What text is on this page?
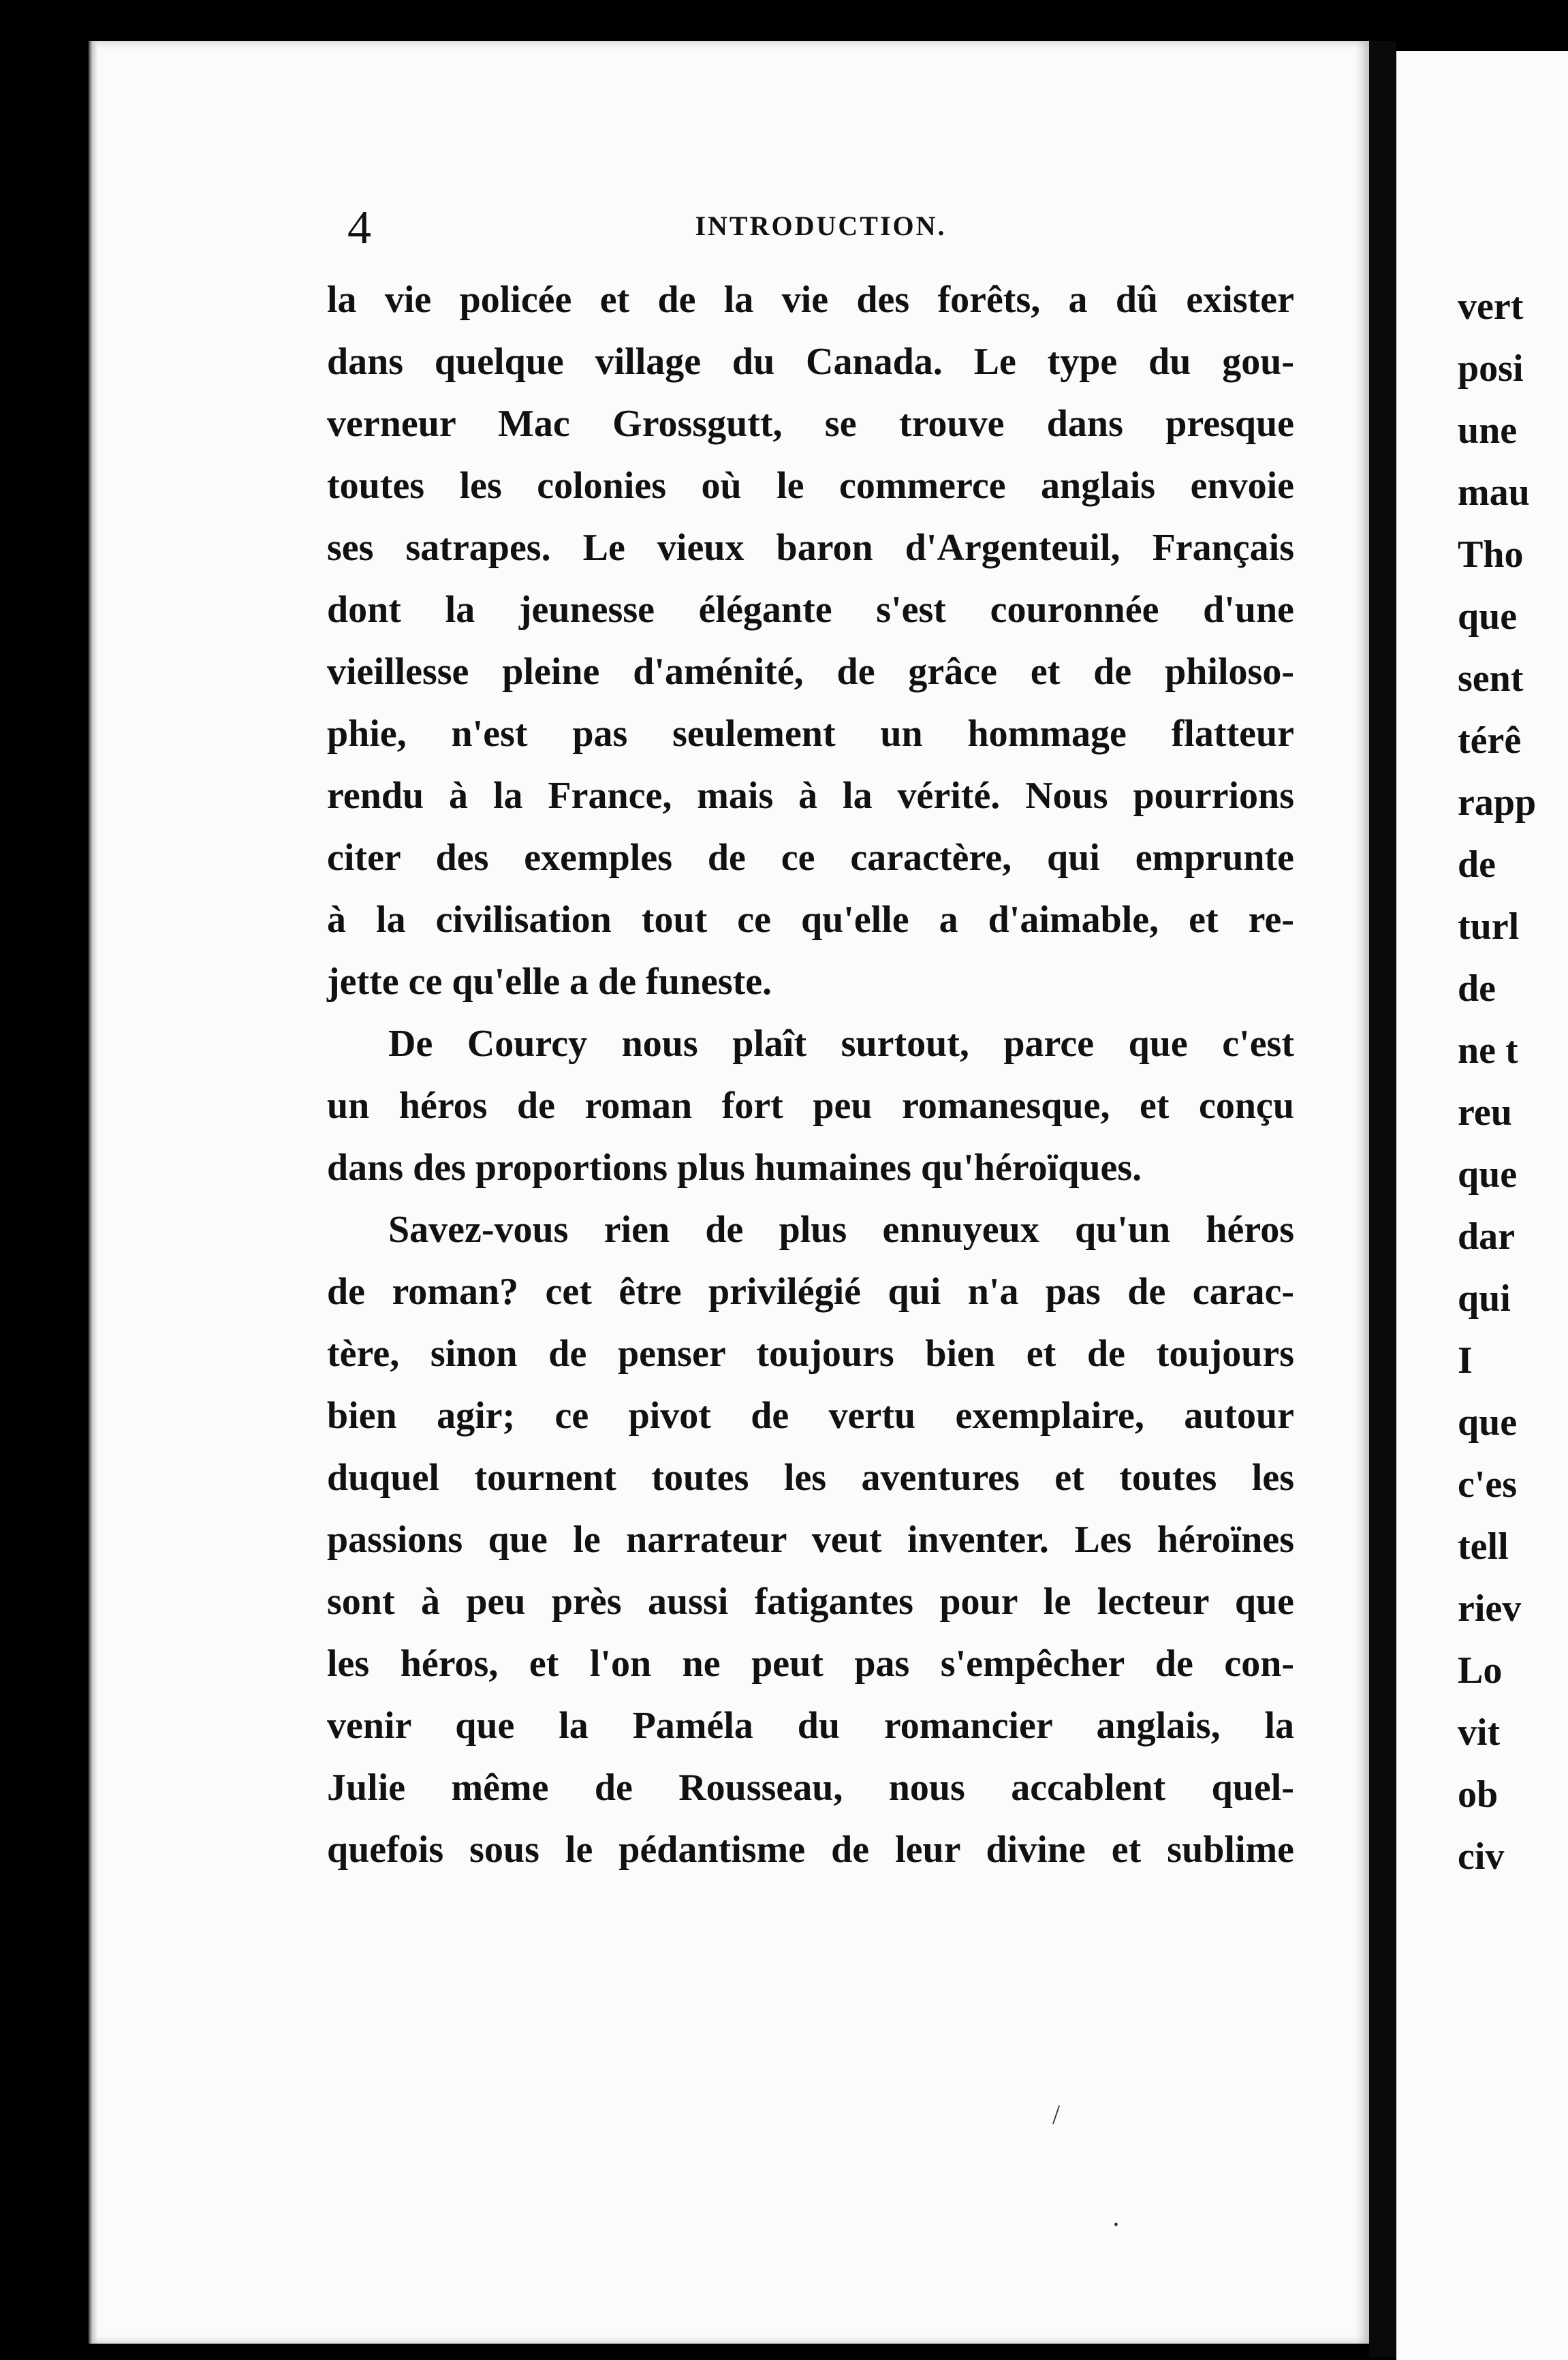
4	INTRODUCTION.
la vie policée et de la vie des forêts, a dû exister
dans quelque village du Canada. Le type du gou-
verneur Mac Grossgutt, se trouve dans presque
toutes les colonies où le commerce anglais envoie
ses satrapes. Le vieux baron d'Argenteuil, Français
dont la jeunesse élégante s'est couronnée d'une
vieillesse pleine d'aménité, de grâce et de philoso-
phie, n'est pas seulement un hommage flatteur
rendu à la France, mais à la vérité. Nous pourrions
citer des exemples de ce caractère, qui emprunte
à la civilisation tout ce qu'elle a d'aimable, et re-
jette ce qu'elle a de funeste.
De Courcy nous plaît surtout, parce que c'est
un héros de roman fort peu romanesque, et conçu
dans des proportions plus humaines qu'héroïques.
Savez-vous rien de plus ennuyeux qu'un héros
de roman? cet être privilégié qui n'a pas de carac-
tère, sinon de penser toujours bien et de toujours
bien agir; ce pivot de vertu exemplaire, autour
duquel tournent toutes les aventures et toutes les
passions que le narrateur veut inventer. Les héroïnes
sont à peu près aussi fatigantes pour le lecteur que
les héros, et l'on ne peut pas s'empêcher de con-
venir que la Paméla du romancier anglais, la
Julie même de Rousseau, nous accablent quel-
quefois sous le pédantisme de leur divine et sublime
vert
posi
une
mau
Tho
que
sent
térê
rapp
de
turl
de
ne t
reu
que
dar
qui
I
que
c'es
tell
riev
Lo
vit
ob
civ
/
•
